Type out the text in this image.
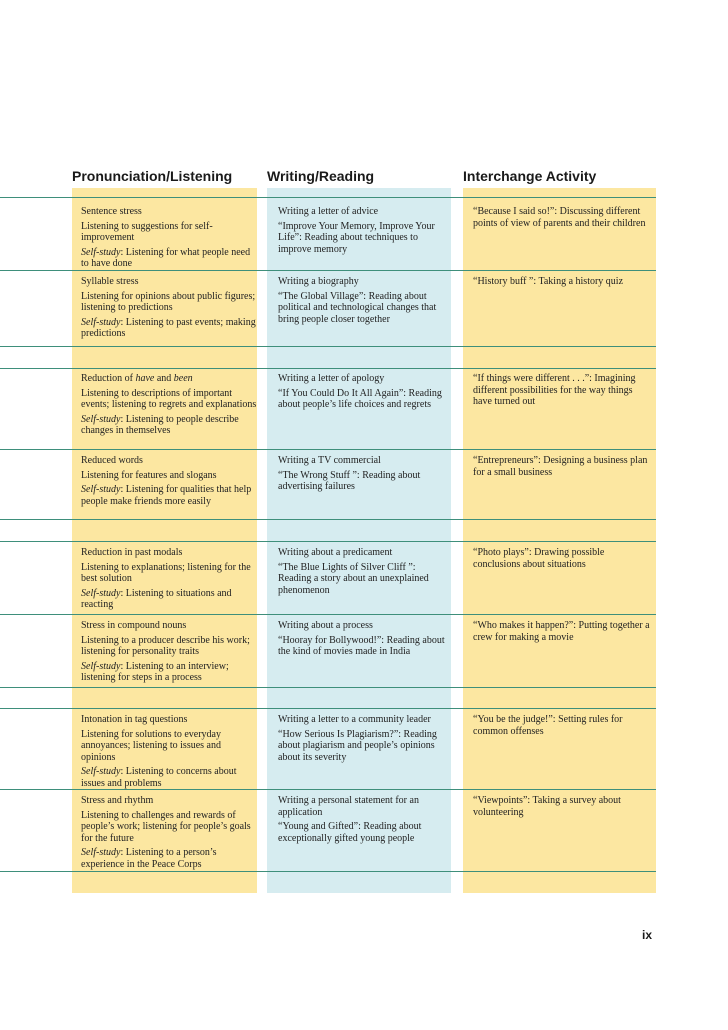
Pronunciation/Listening Writing/Reading	Interchange Activity

Sentence stress

Listening to suggestions for self-improvement

Self-study: Listening for what people need to have done

Writing a letter of advice

“Improve Your Memory, Improve Your Life”: Reading about techniques to improve memory

“Because I said so!”: Discussing different points of view of parents and their children

Syllable stress

Listening for opinions about public figures; listening to predictions

Self-study: Listening to past events; making predictions

Writing a biography

“The Global Village”: Reading about political and technological changes that bring people closer together

“History buff ”: Taking a history quiz

Reduction of have and been

Listening to descriptions of important events; listening to regrets and explanations

Self-study: Listening to people describe changes in themselves

Writing a letter of apology

“If You Could Do It All Again”: Reading about people’s life choices and regrets

“If things were different . . .”: Imagining different possibilities for the way things have turned out

Reduced words

Listening for features and slogans

Self-study: Listening for qualities that help people make friends more easily

Writing a TV commercial

“The Wrong Stuff ”: Reading about advertising failures

“Entrepreneurs”: Designing a business plan for a small business

Reduction in past modals

Listening to explanations; listening for the best solution

Self-study: Listening to situations and reacting

Writing about a predicament

“The Blue Lights of Silver Cliff ”: Reading a story about an unexplained phenomenon

“Photo plays”: Drawing possible conclusions about situations

Stress in compound nouns

Listening to a producer describe his work; listening for personality traits

Self-study: Listening to an interview; listening for steps in a process

Writing about a process

“Hooray for Bollywood!”: Reading about the kind of movies made in India

“Who makes it happen?”: Putting together a crew for making a movie

Intonation in tag questions

Listening for solutions to everyday annoyances; listening to issues and opinions

Self-study: Listening to concerns about issues and problems

Writing a letter to a community leader

“How Serious Is Plagiarism?”: Reading about plagiarism and people’s opinions about its severity

“You be the judge!”: Setting rules for common offenses

Stress and rhythm

Listening to challenges and rewards of people’s work; listening for people’s goals for the future

Self-study: Listening to a person’s experience in the Peace Corps

Writing a personal statement for an application

“Young and Gifted”: Reading about exceptionally gifted young people

“Viewpoints”: Taking a survey about volunteering

ix
